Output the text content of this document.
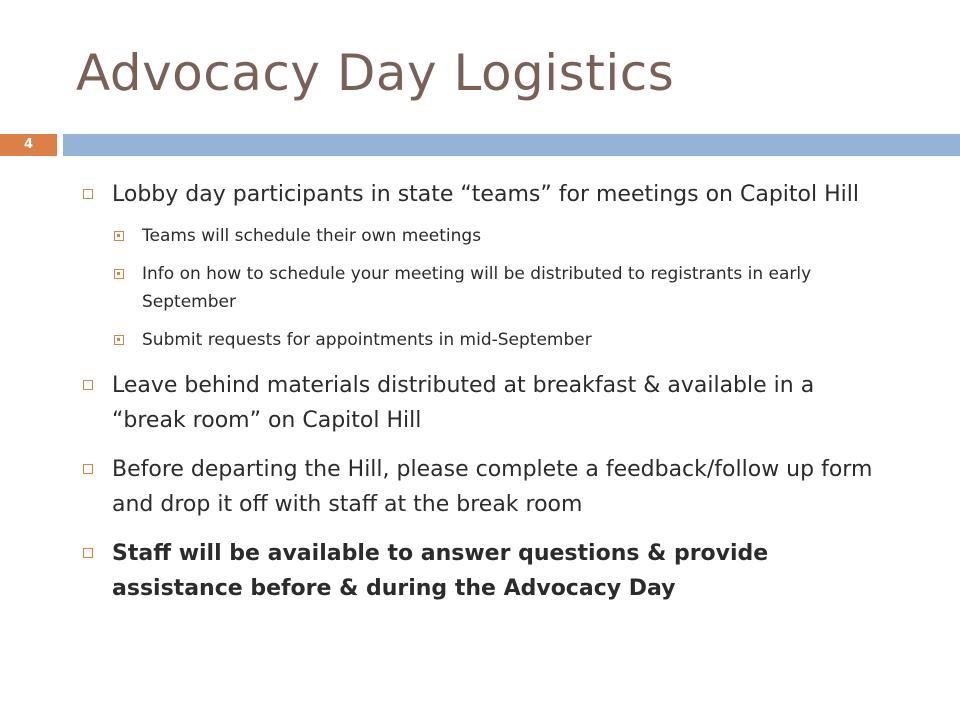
Advocacy Day Logistics
4
Lobby day participants in state “teams” for meetings on Capitol Hill
Teams will schedule their own meetings
Info on how to schedule your meeting will be distributed to registrants in early September
Submit requests for appointments in mid-September
Leave behind materials distributed at breakfast & available in a “break room” on Capitol Hill
Before departing the Hill, please complete a feedback/follow up form and drop it off with staff at the break room
Staff will be available to answer questions & provide assistance before & during the Advocacy Day
